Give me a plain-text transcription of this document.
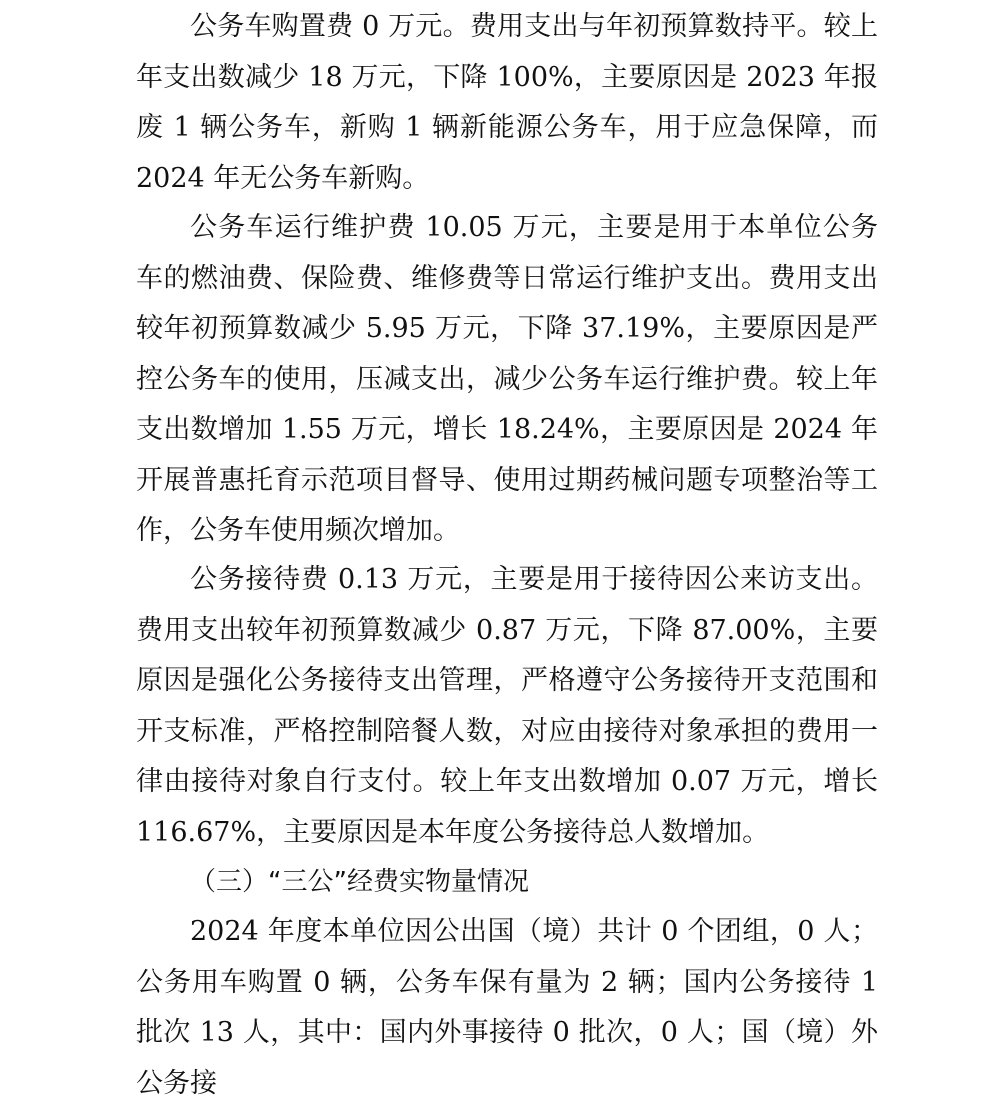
公务车购置费 0 万元。费用支出与年初预算数持平。较上年支出数减少 18 万元，下降 100%，主要原因是 2023 年报废 1 辆公务车，新购 1 辆新能源公务车，用于应急保障，而 2024 年无公务车新购。

公务车运行维护费 10.05 万元，主要是用于本单位公务车的燃油费、保险费、维修费等日常运行维护支出。费用支出较年初预算数减少 5.95 万元，下降 37.19%，主要原因是严控公务车的使用，压减支出，减少公务车运行维护费。较上年支出数增加 1.55 万元，增长 18.24%，主要原因是 2024 年开展普惠托育示范项目督导、使用过期药械问题专项整治等工作，公务车使用频次增加。

公务接待费 0.13 万元，主要是用于接待因公来访支出。费用支出较年初预算数减少 0.87 万元，下降 87.00%，主要原因是强化公务接待支出管理，严格遵守公务接待开支范围和开支标准，严格控制陪餐人数，对应由接待对象承担的费用一律由接待对象自行支付。较上年支出数增加 0.07 万元，增长 116.67%，主要原因是本年度公务接待总人数增加。

（三）“三公”经费实物量情况

2024 年度本单位因公出国（境）共计 0 个团组，0 人；公务用车购置 0 辆，公务车保有量为 2 辆；国内公务接待 1 批次 13 人，其中：国内外事接待 0 批次，0 人；国（境）外公务接
